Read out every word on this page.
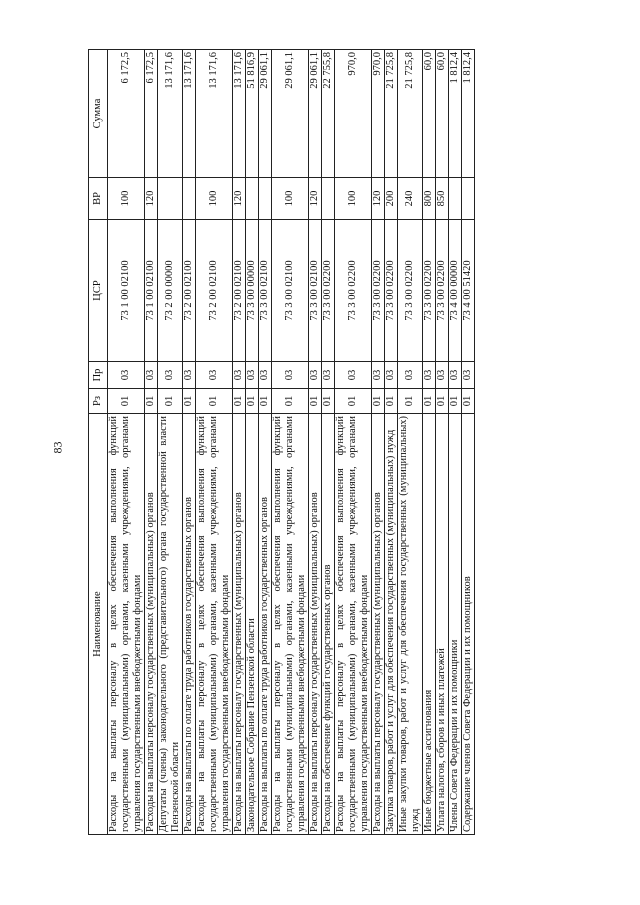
83
Наименование	Рз	Пр	ЦСР	ВР	Сумма
Расходы на выплаты персоналу в целях обеспечения выполнения функций государственными (муниципальными) органами, казенными учреждениями, органами управления государственными внебюджетными фондами	01	03	73 1 00 02100	100	6 172,5
Расходы на выплаты персоналу государственных (муниципальных) органов	01	03	73 1 00 02100	120	6 172,5
Депутаты (члены) законодательного (представительного) органа государственной власти Пензенской области	01	03	73 2 00 00000		13 171,6
Расходы на выплаты по оплате труда работников государственных органов	01	03	73 2 00 02100		13 171,6
Расходы на выплаты персоналу в целях обеспечения выполнения функций государственными (муниципальными) органами, казенными учреждениями, органами управления государственными внебюджетными фондами	01	03	73 2 00 02100	100	13 171,6
Расходы на выплаты персоналу государственных (муниципальных) органов	01	03	73 2 00 02100	120	13 171,6
Законодательное Собрание Пензенской области	01	03	73 3 00 00000		51 816,9
Расходы на выплаты по оплате труда работников государственных органов	01	03	73 3 00 02100		29 061,1
Расходы на выплаты персоналу в целях обеспечения выполнения функций государственными (муниципальными) органами, казенными учреждениями, органами управления государственными внебюджетными фондами	01	03	73 3 00 02100	100	29 061,1
Расходы на выплаты персоналу государственных (муниципальных) органов	01	03	73 3 00 02100	120	29 061,1
Расходы на обеспечение функций государственных органов	01	03	73 3 00 02200		22 755,8
Расходы на выплаты персоналу в целях обеспечения выполнения функций государственными (муниципальными) органами, казенными учреждениями, органами управления государственными внебюджетными фондами	01	03	73 3 00 02200	100	970,0
Расходы на выплаты персоналу государственных (муниципальных) органов	01	03	73 3 00 02200	120	970,0
Закупка товаров, работ и услуг для обеспечения государственных (муниципальных) нужд	01	03	73 3 00 02200	200	21 725,8
Иные закупки товаров, работ и услуг для обеспечения государственных (муниципальных) нужд	01	03	73 3 00 02200	240	21 725,8
Иные бюджетные ассигнования	01	03	73 3 00 02200	800	60,0
Уплата налогов, сборов и иных платежей	01	03	73 3 00 02200	850	60,0
Члены Совета Федерации и их помощники	01	03	73 4 00 00000		1 812,4
Содержание членов Совета Федерации и их помощников	01	03	73 4 00 51420		1 812,4
